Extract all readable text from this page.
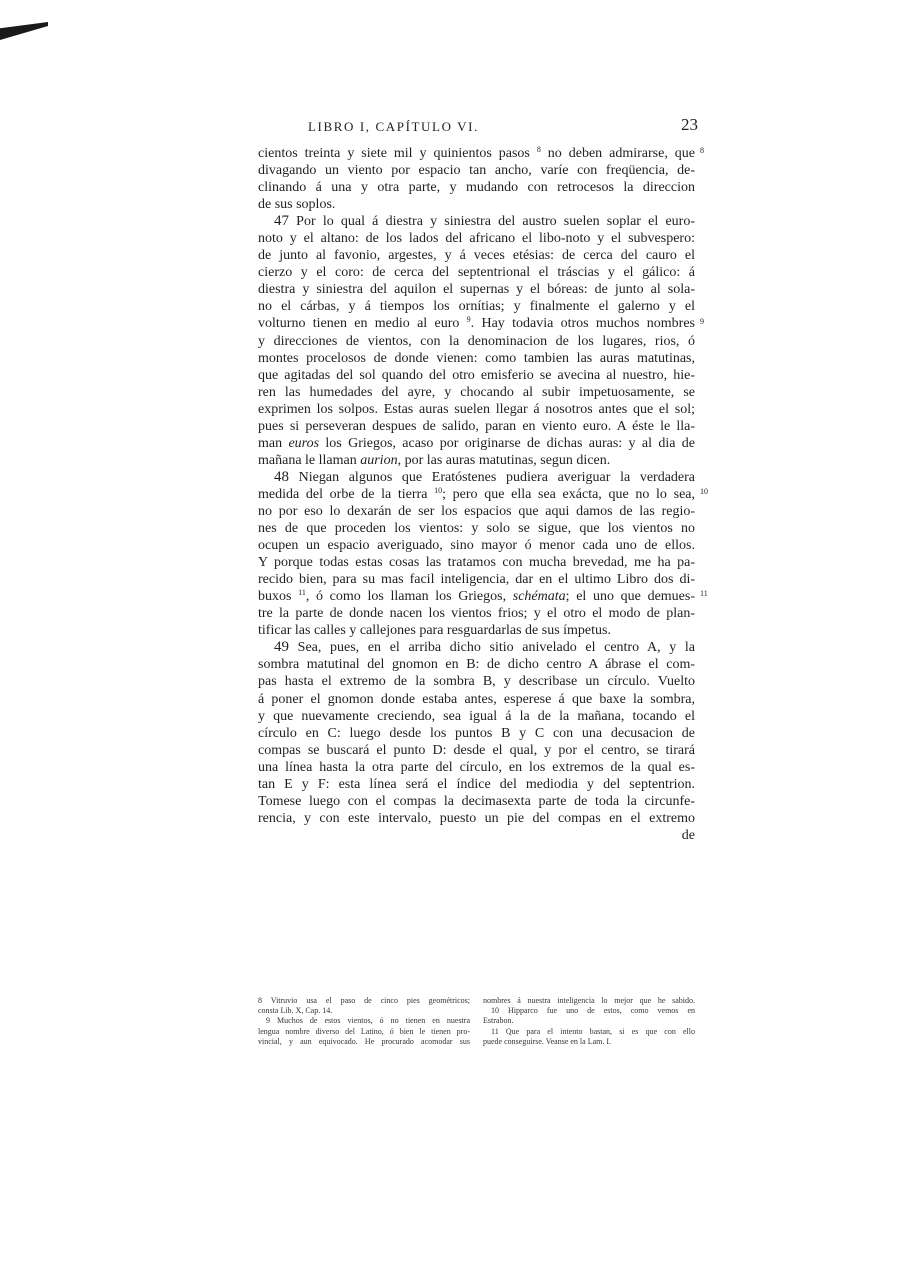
LIBRO I, CAPÍTULO VI.	23
cientos treinta y siete mil y quinientos pasos $^8$ no deben admirarse, que
divagando un viento por espacio tan ancho, varíe con freqüencia, de-
clinando á una y otra parte, y mudando con retrocesos la direccion
de sus soplos.
47 Por lo qual á diestra y siniestra del austro suelen soplar el euro-
noto y el altano: de los lados del africano el libo-noto y el subvespero:
de junto al favonio, argestes, y á veces etésias: de cerca del cauro el
cierzo y el coro: de cerca del septentrional el tráscias y el gálico: á
diestra y siniestra del aquilon el supernas y el bóreas: de junto al sola-
no el cárbas, y á tiempos los ornítias; y finalmente el galerno y el
volturno tienen en medio al euro $^9$. Hay todavia otros muchos nombres
y direcciones de vientos, con la denominacion de los lugares, rios, ó
montes procelosos de donde vienen: como tambien las auras matutinas,
que agitadas del sol quando del otro emisferio se avecina al nuestro, hie-
ren las humedades del ayre, y chocando al subir impetuosamente, se
exprimen los solpos. Estas auras suelen llegar á nosotros antes que el sol;
pues si perseveran despues de salido, paran en viento euro. A éste le lla-
man euros los Griegos, acaso por originarse de dichas auras: y al dia de
mañana le llaman aurion, por las auras matutinas, segun dicen.
48 Niegan algunos que Eratóstenes pudiera averiguar la verdadera
medida del orbe de la tierra $^{10}$; pero que ella sea exácta, que no lo sea,
no por eso lo dexarán de ser los espacios que aqui damos de las regio-
nes de que proceden los vientos: y solo se sigue, que los vientos no
ocupen un espacio averiguado, sino mayor ó menor cada uno de ellos.
Y porque todas estas cosas las tratamos con mucha brevedad, me ha pa-
recido bien, para su mas facil inteligencia, dar en el ultimo Libro dos di-
buxos $^{11}$, ó como los llaman los Griegos, schémata; el uno que demues-
tre la parte de donde nacen los vientos frios; y el otro el modo de plan-
tificar las calles y callejones para resguardarlas de sus ímpetus.
49 Sea, pues, en el arriba dicho sitio anivelado el centro A, y la
sombra matutinal del gnomon en B: de dicho centro A ábrase el com-
pas hasta el extremo de la sombra B, y describase un círculo. Vuelto
á poner el gnomon donde estaba antes, esperese á que baxe la sombra,
y que nuevamente creciendo, sea igual á la de la mañana, tocando el
círculo en C: luego desde los puntos B y C con una decusacion de
compas se buscará el punto D: desde el qual, y por el centro, se tirará
una línea hasta la otra parte del círculo, en los extremos de la qual es-
tan E y F: esta línea será el índice del mediodia y del septentrion.
Tomese luego con el compas la decimasexta parte de toda la circunfe-
rencia, y con este intervalo, puesto un pie del compas en el extremo
de
8
9
10
11
8 Vitruvio usa el paso de cinco pies geométricos;
consta Lib. X, Cap. 14.
9 Muchos de estos vientos, ó no tienen en nuestra
lengua nombre diverso del Latino, ó bien le tienen pro-
vincial, y aun equivocado. He procurado acomodar sus
nombres á nuestra inteligencia lo mejor que he sabido.
10 Hipparco fue uno de estos, como vemos en
Estrabon.
11 Que para el intento bastan, si es que con ello
puede conseguirse. Veanse en la Lam. I.
